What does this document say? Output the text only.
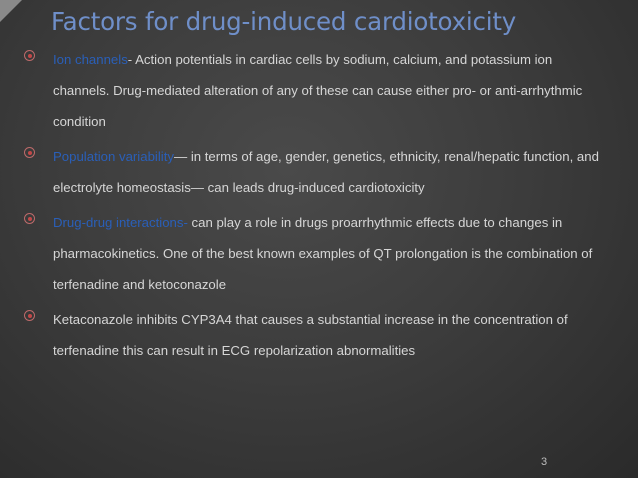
Factors for drug-induced cardiotoxicity
Ion channels- Action potentials in cardiac cells by sodium, calcium, and potassium ion channels. Drug-mediated alteration of any of these can cause either pro- or anti-arrhythmic condition
Population variability— in terms of age, gender, genetics, ethnicity, renal/hepatic function, and electrolyte homeostasis— can leads drug-induced cardiotoxicity
Drug-drug interactions- can play a role in drugs proarrhythmic effects due to changes in pharmacokinetics. One of the best known examples of QT prolongation is the combination of terfenadine and ketoconazole
Ketaconazole inhibits CYP3A4 that causes a substantial increase in the concentration of terfenadine this can result in ECG repolarization abnormalities
3
